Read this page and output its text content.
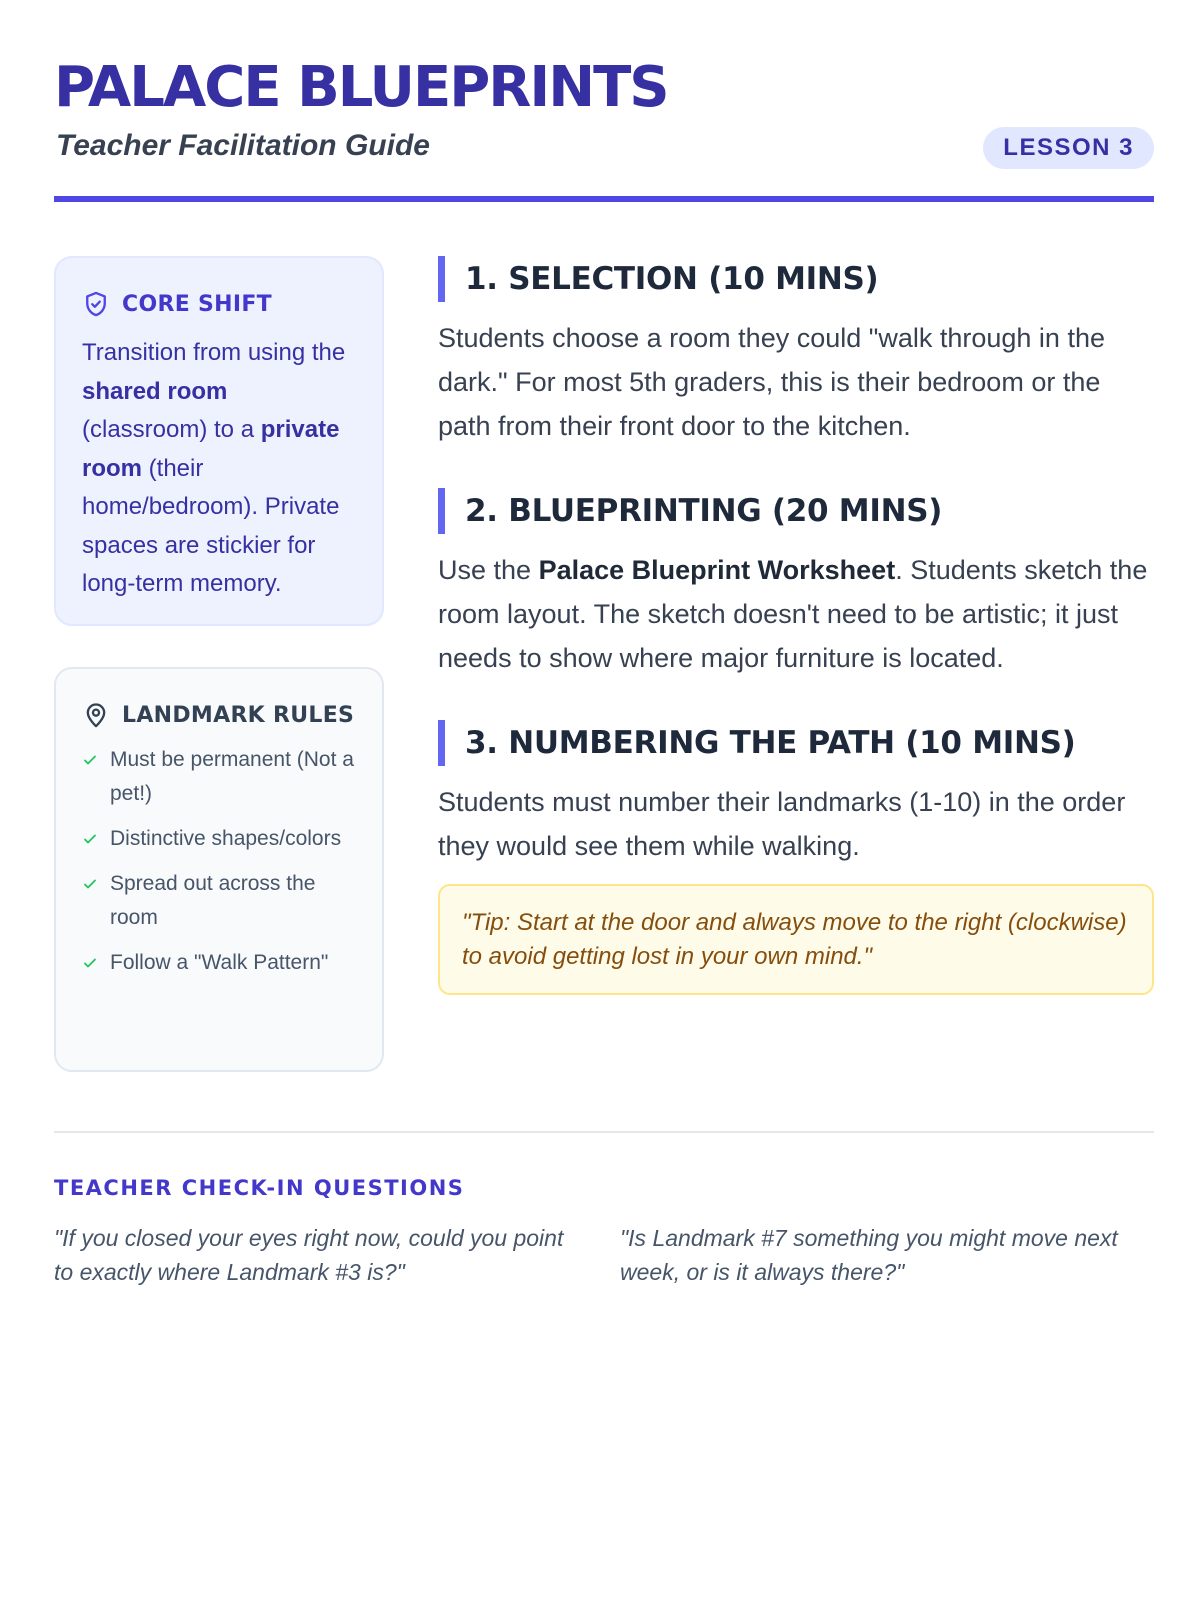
PALACE BLUEPRINTS
Teacher Facilitation Guide	LESSON 3
CORE SHIFT

Transition from using the shared room (classroom) to a private room (their home/bedroom). Private spaces are stickier for long-term memory.

LANDMARK RULES
Must be permanent (Not a pet!)
Distinctive shapes/colors
Spread out across the room
Follow a "Walk Pattern"
1. SELECTION (10 MINS)

Students choose a room they could "walk through in the dark." For most 5th graders, this is their bedroom or the path from their front door to the kitchen.

2. BLUEPRINTING (20 MINS)

Use the Palace Blueprint Worksheet. Students sketch the room layout. The sketch doesn't need to be artistic; it just needs to show where major furniture is located.

3. NUMBERING THE PATH (10 MINS)

Students must number their landmarks (1-10) in the order they would see them while walking.

"Tip: Start at the door and always move to the right (clockwise) to avoid getting lost in your own mind."
TEACHER CHECK-IN QUESTIONS

"If you closed your eyes right now, could you point to exactly where Landmark #3 is?"

"Is Landmark #7 something you might move next week, or is it always there?"
